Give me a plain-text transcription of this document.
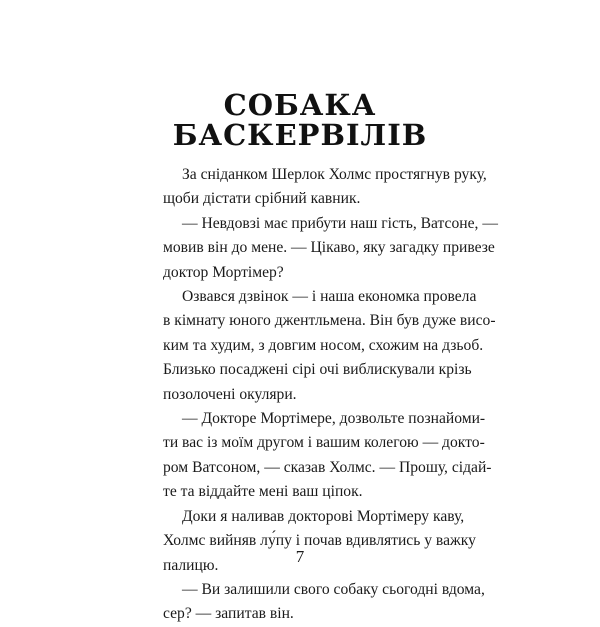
СОБАКА
БАСКЕРВІЛІВ

За сніданком Шерлок Холмс простягнув руку,
щоби дістати срібний кавник.

— Невдовзі має прибути наш гість, Ватсоне, —
мовив він до мене. — Цікаво, яку загадку привезе
доктор Мортімер?

Озвався дзвінок — і наша економка провела
в кімнату юного джентльмена. Він був дуже висо-
ким та худим, з довгим носом, схожим на дзьоб.
Близько посаджені сірі очі виблискували крізь
позолочені окуляри.

— Докторе Мортімере, дозвольте познайоми-
ти вас із моїм другом і вашим колегою — докто-
ром Ватсоном, — сказав Холмс. — Прошу, сідай-
те та віддайте мені ваш ціпок.

Доки я наливав докторові Мортімеру каву,
Холмс вийняв лу́пу і почав вдивлятись у важку
палицю.

— Ви залишили свого собаку сьогодні вдома,
сер? — запитав він.

7
